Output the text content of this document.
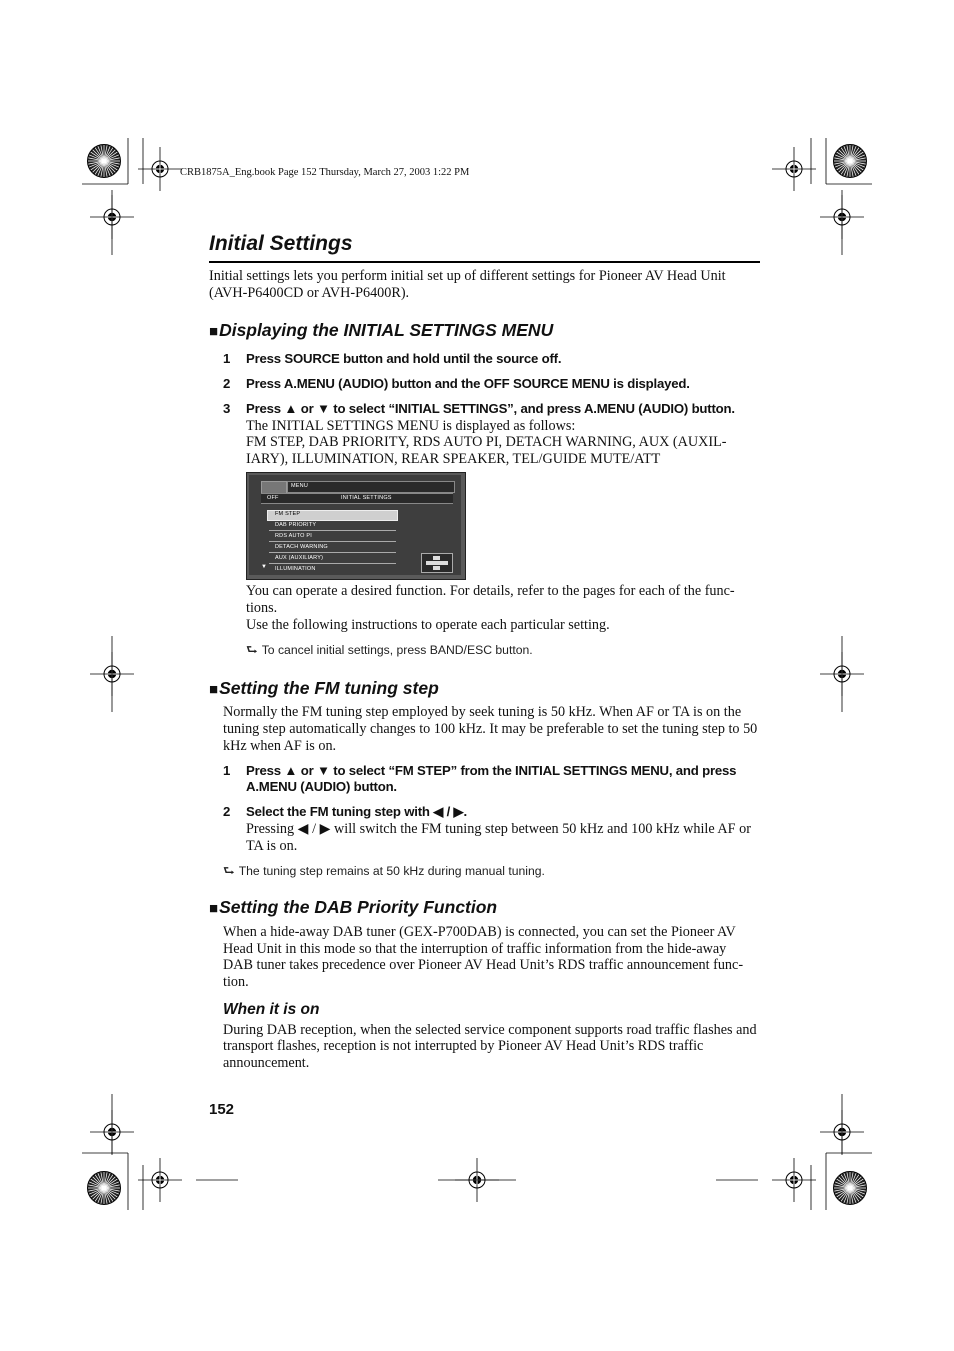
CRB1875A_Eng.book Page 152 Thursday, March 27, 2003 1:22 PM
Initial Settings
Initial settings lets you perform initial set up of different settings for Pioneer AV Head Unit
(AVH-P6400CD or AVH-P6400R).
■Displaying the INITIAL SETTINGS MENU
1 Press SOURCE button and hold until the source off.
2 Press A.MENU (AUDIO) button and the OFF SOURCE MENU is displayed.
3 Press ▲ or ▼ to select “INITIAL SETTINGS”, and press A.MENU (AUDIO) button.
The INITIAL SETTINGS MENU is displayed as follows:
FM STEP, DAB PRIORITY, RDS AUTO PI, DETACH WARNING, AUX (AUXIL-
IARY), ILLUMINATION, REAR SPEAKER, TEL/GUIDE MUTE/ATT
MENU
OFF	INITIAL SETTINGS
FM STEP
DAB PRIORITY
RDS AUTO PI
DETACH WARNING
AUX (AUXILIARY)
▼ ILLUMINATION
You can operate a desired function. For details, refer to the pages for each of the func-
tions.
Use the following instructions to operate each particular setting.
⮑ To cancel initial settings, press BAND/ESC button.
■Setting the FM tuning step
Normally the FM tuning step employed by seek tuning is 50 kHz. When AF or TA is on the
tuning step automatically changes to 100 kHz. It may be preferable to set the tuning step to 50
kHz when AF is on.
1 Press ▲ or ▼ to select “FM STEP” from the INITIAL SETTINGS MENU, and press
A.MENU (AUDIO) button.
2 Select the FM tuning step with ◀ / ▶.
Pressing ◀ / ▶ will switch the FM tuning step between 50 kHz and 100 kHz while AF or
TA is on.
⮑ The tuning step remains at 50 kHz during manual tuning.
■Setting the DAB Priority Function
When a hide-away DAB tuner (GEX-P700DAB) is connected, you can set the Pioneer AV
Head Unit in this mode so that the interruption of traffic information from the hide-away
DAB tuner takes precedence over Pioneer AV Head Unit’s RDS traffic announcement func-
tion.
When it is on
During DAB reception, when the selected service component supports road traffic flashes and
transport flashes, reception is not interrupted by Pioneer AV Head Unit’s RDS traffic
announcement.
152
